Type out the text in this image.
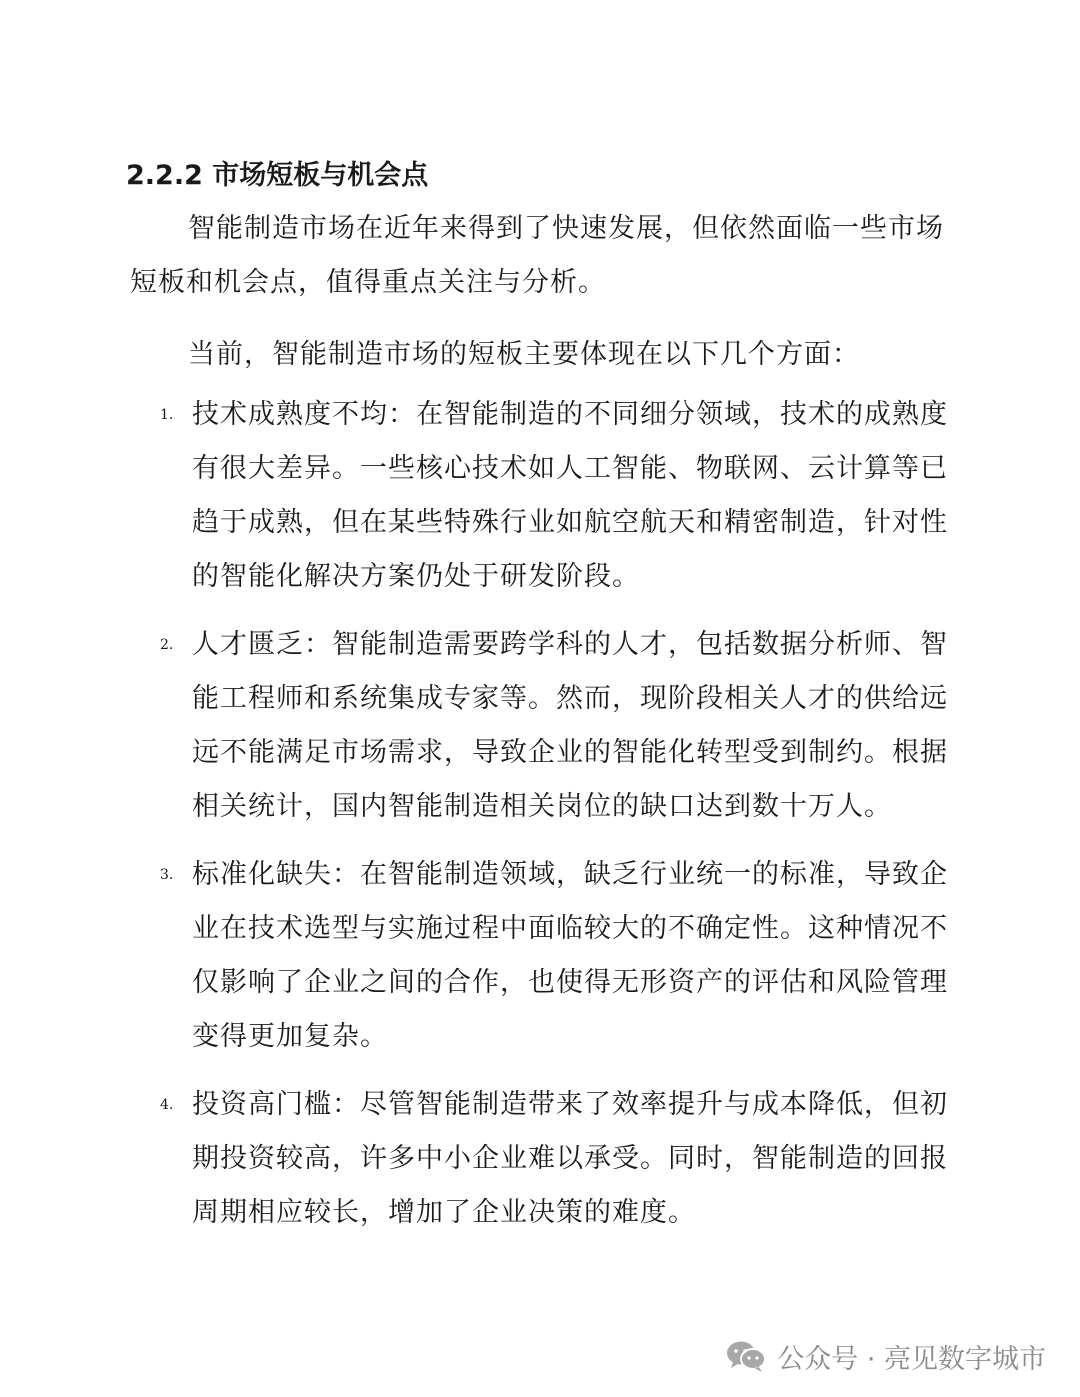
2.2.2 市场短板与机会点

智能制造市场在近年来得到了快速发展，但依然面临一些市场短板和机会点，值得重点关注与分析。

当前，智能制造市场的短板主要体现在以下几个方面：

1. 技术成熟度不均：在智能制造的不同细分领域，技术的成熟度有很大差异。一些核心技术如人工智能、物联网、云计算等已趋于成熟，但在某些特殊行业如航空航天和精密制造，针对性的智能化解决方案仍处于研发阶段。
2. 人才匮乏：智能制造需要跨学科的人才，包括数据分析师、智能工程师和系统集成专家等。然而，现阶段相关人才的供给远远不能满足市场需求，导致企业的智能化转型受到制约。根据相关统计，国内智能制造相关岗位的缺口达到数十万人。
3. 标准化缺失：在智能制造领域，缺乏行业统一的标准，导致企业在技术选型与实施过程中面临较大的不确定性。这种情况不仅影响了企业之间的合作，也使得无形资产的评估和风险管理变得更加复杂。
4. 投资高门槛：尽管智能制造带来了效率提升与成本降低，但初期投资较高，许多中小企业难以承受。同时，智能制造的回报周期相应较长，增加了企业决策的难度。
公众号 · 亮见数字城市
